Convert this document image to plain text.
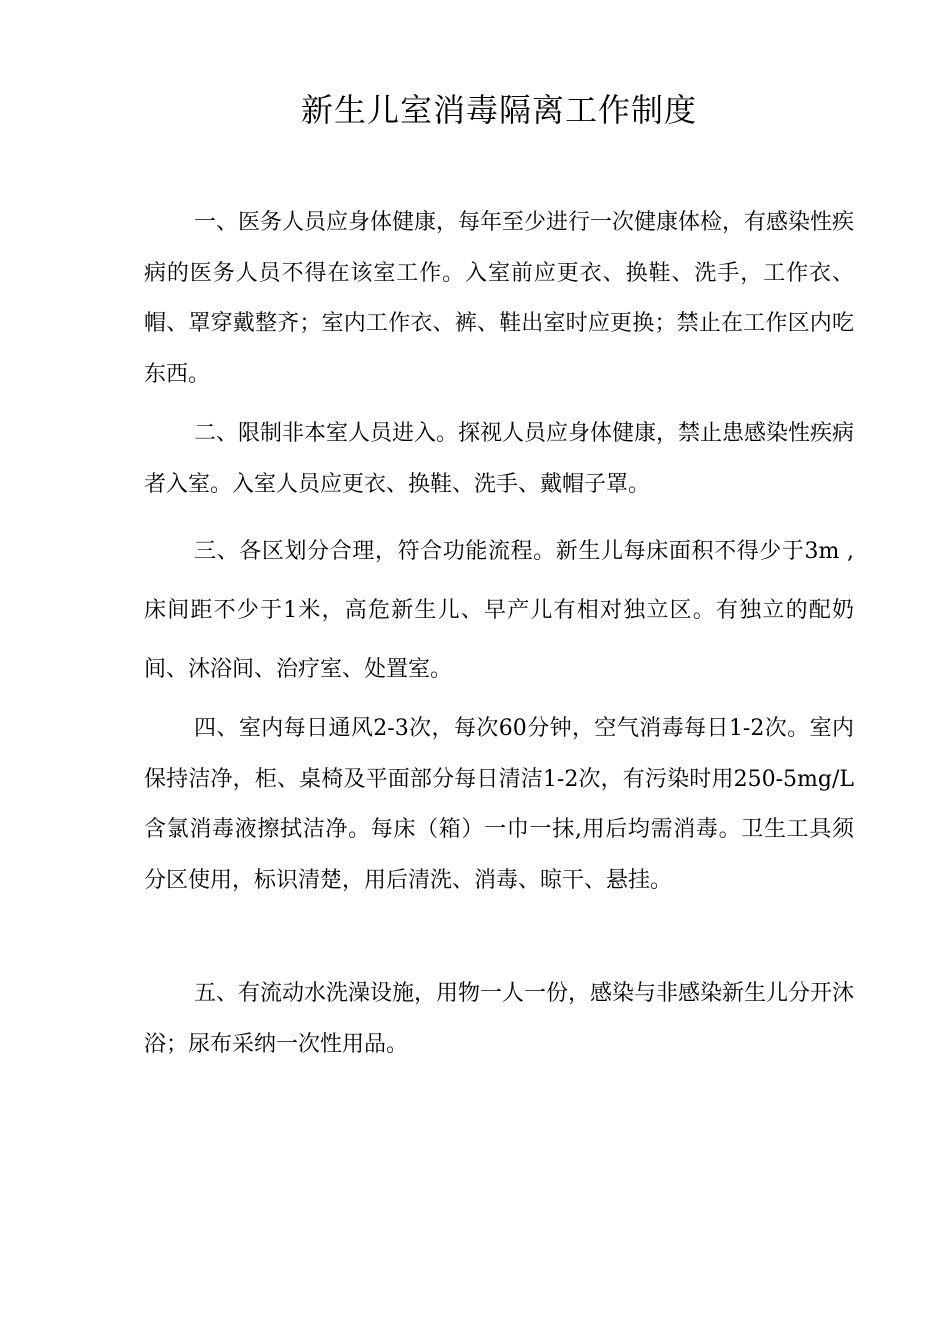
新生儿室消毒隔离工作制度

一、医务人员应身体健康，每年至少进行一次健康体检，有感染性疾病的医务人员不得在该室工作。入室前应更衣、换鞋、洗手，工作衣、帽、罩穿戴整齐；室内工作衣、裤、鞋出室时应更换；禁止在工作区内吃东西。

二、限制非本室人员进入。探视人员应身体健康，禁止患感染性疾病者入室。入室人员应更衣、换鞋、洗手、戴帽子罩。

三、各区划分合理，符合功能流程。新生儿每床面积不得少于3m ,床间距不少于1米，高危新生儿、早产儿有相对独立区。有独立的配奶间、沐浴间、治疗室、处置室。

四、室内每日通风2-3次，每次60分钟，空气消毒每日1-2次。室内保持洁净，柜、桌椅及平面部分每日清洁1-2次，有污染时用250-5mg/L含氯消毒液擦拭洁净。每床（箱）一巾一抹,用后均需消毒。卫生工具须分区使用，标识清楚，用后清洗、消毒、晾干、悬挂。

五、有流动水洗澡设施，用物一人一份，感染与非感染新生儿分开沐浴；尿布采纳一次性用品。
